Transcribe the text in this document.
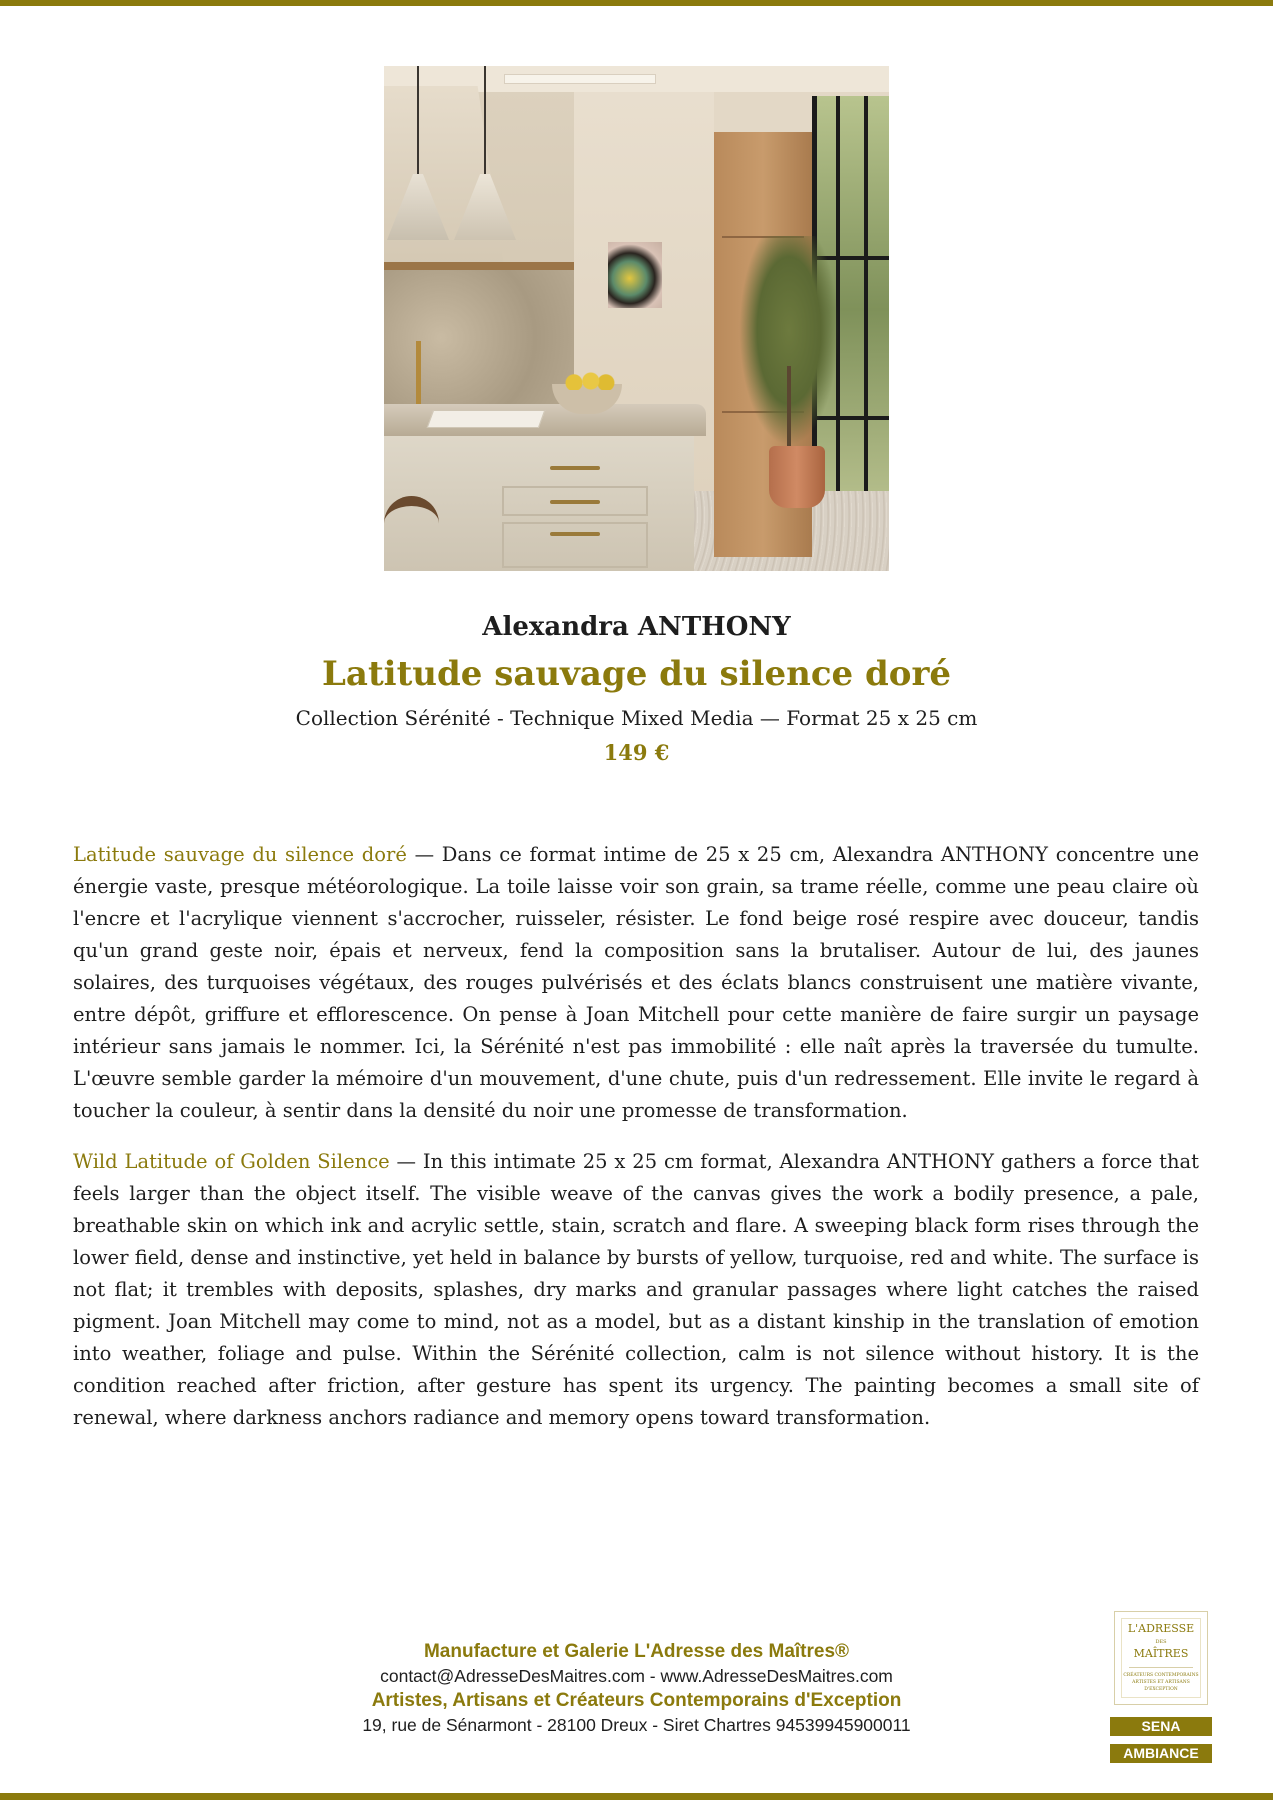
Alexandra ANTHONY
Latitude sauvage du silence doré
Collection Sérénité - Technique Mixed Media — Format 25 x 25 cm
149 €

Latitude sauvage du silence doré — Dans ce format intime de 25 x 25 cm, Alexandra ANTHONY concentre une énergie vaste, presque météorologique. La toile laisse voir son grain, sa trame réelle, comme une peau claire où l'encre et l'acrylique viennent s'accrocher, ruisseler, résister. Le fond beige rosé respire avec douceur, tandis qu'un grand geste noir, épais et nerveux, fend la composition sans la brutaliser. Autour de lui, des jaunes solaires, des turquoises végétaux, des rouges pulvérisés et des éclats blancs construisent une matière vivante, entre dépôt, griffure et efflorescence. On pense à Joan Mitchell pour cette manière de faire surgir un paysage intérieur sans jamais le nommer. Ici, la Sérénité n'est pas immobilité : elle naît après la traversée du tumulte. L'œuvre semble garder la mémoire d'un mouvement, d'une chute, puis d'un redressement. Elle invite le regard à toucher la couleur, à sentir dans la densité du noir une promesse de transformation.

Wild Latitude of Golden Silence — In this intimate 25 x 25 cm format, Alexandra ANTHONY gathers a force that feels larger than the object itself. The visible weave of the canvas gives the work a bodily presence, a pale, breathable skin on which ink and acrylic settle, stain, scratch and flare. A sweeping black form rises through the lower field, dense and instinctive, yet held in balance by bursts of yellow, turquoise, red and white. The surface is not flat; it trembles with deposits, splashes, dry marks and granular passages where light catches the raised pigment. Joan Mitchell may come to mind, not as a model, but as a distant kinship in the translation of emotion into weather, foliage and pulse. Within the Sérénité collection, calm is not silence without history. It is the condition reached after friction, after gesture has spent its urgency. The painting becomes a small site of renewal, where darkness anchors radiance and memory opens toward transformation.

Manufacture et Galerie L'Adresse des Maîtres®
contact@AdresseDesMaitres.com - www.AdresseDesMaitres.com
Artistes, Artisans et Créateurs Contemporains d'Exception
19, rue de Sénarmont - 28100 Dreux - Siret Chartres 94539945900011
L'ADRESSE
DES
MAÎTRES
CRÉATEURS CONTEMPORAINS ARTISTES ET ARTISANS D'EXCEPTION
SENA
AMBIANCE
